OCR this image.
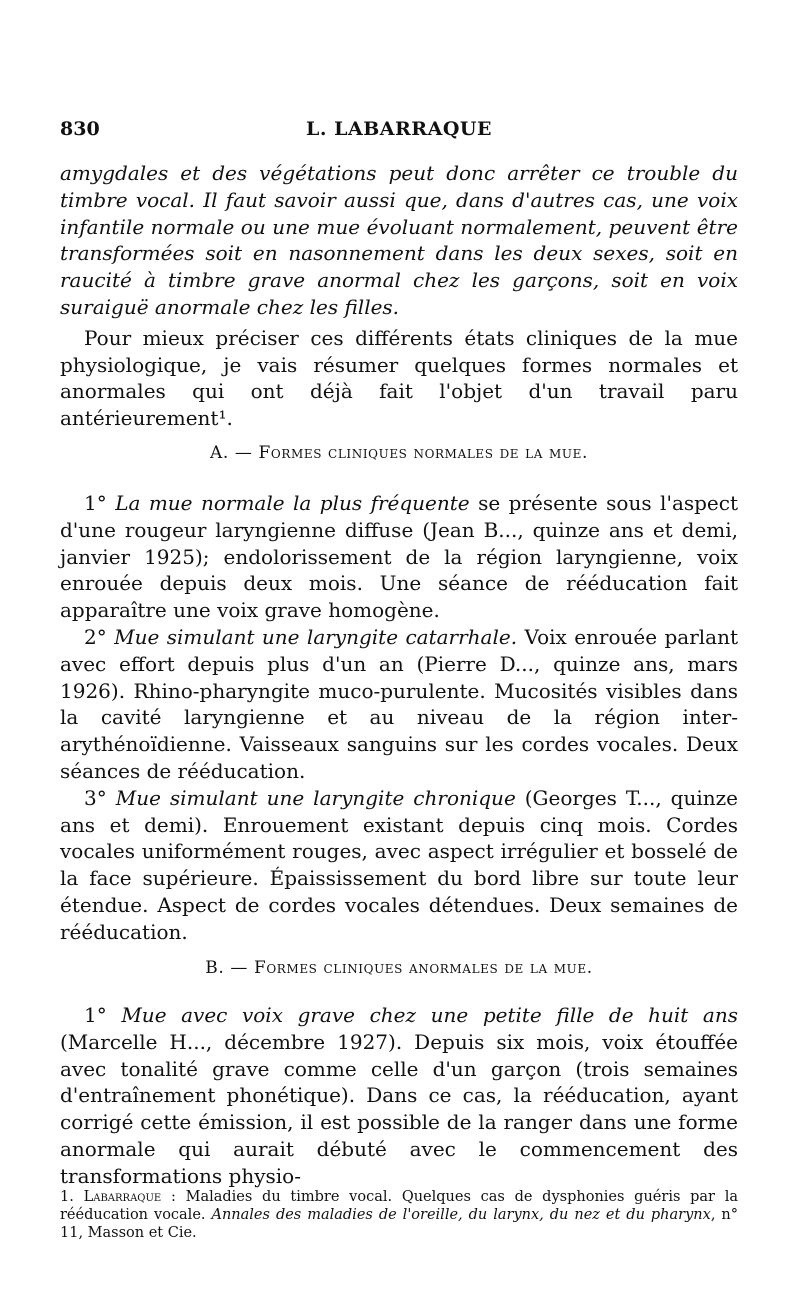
830	L. LABARRAQUE

amygdales et des végétations peut donc arrêter ce trouble du timbre vocal. Il faut savoir aussi que, dans d'autres cas, une voix infantile normale ou une mue évoluant normalement, peuvent être transformées soit en nasonnement dans les deux sexes, soit en raucité à timbre grave anormal chez les garçons, soit en voix suraiguë anormale chez les filles.

Pour mieux préciser ces différents états cliniques de la mue physiologique, je vais résumer quelques formes normales et anormales qui ont déjà fait l'objet d'un travail paru antérieurement¹.

A. — Formes cliniques normales de la mue.

1° La mue normale la plus fréquente se présente sous l'aspect d'une rougeur laryngienne diffuse (Jean B..., quinze ans et demi, janvier 1925); endolorissement de la région laryngienne, voix enrouée depuis deux mois. Une séance de rééducation fait apparaître une voix grave homogène.

2° Mue simulant une laryngite catarrhale. Voix enrouée parlant avec effort depuis plus d'un an (Pierre D..., quinze ans, mars 1926). Rhino-pharyngite muco-purulente. Mucosités visibles dans la cavité laryngienne et au niveau de la région inter-arythénoïdienne. Vaisseaux sanguins sur les cordes vocales. Deux séances de rééducation.

3° Mue simulant une laryngite chronique (Georges T..., quinze ans et demi). Enrouement existant depuis cinq mois. Cordes vocales uniformément rouges, avec aspect irrégulier et bosselé de la face supérieure. Épaississement du bord libre sur toute leur étendue. Aspect de cordes vocales détendues. Deux semaines de rééducation.

B. — Formes cliniques anormales de la mue.

1° Mue avec voix grave chez une petite fille de huit ans (Marcelle H..., décembre 1927). Depuis six mois, voix étouffée avec tonalité grave comme celle d'un garçon (trois semaines d'entraînement phonétique). Dans ce cas, la rééducation, ayant corrigé cette émission, il est possible de la ranger dans une forme anormale qui aurait débuté avec le commencement des transformations physio-

1. Labarraque : Maladies du timbre vocal. Quelques cas de dysphonies guéris par la rééducation vocale. Annales des maladies de l'oreille, du larynx, du nez et du pharynx, n° 11, Masson et Cie.
